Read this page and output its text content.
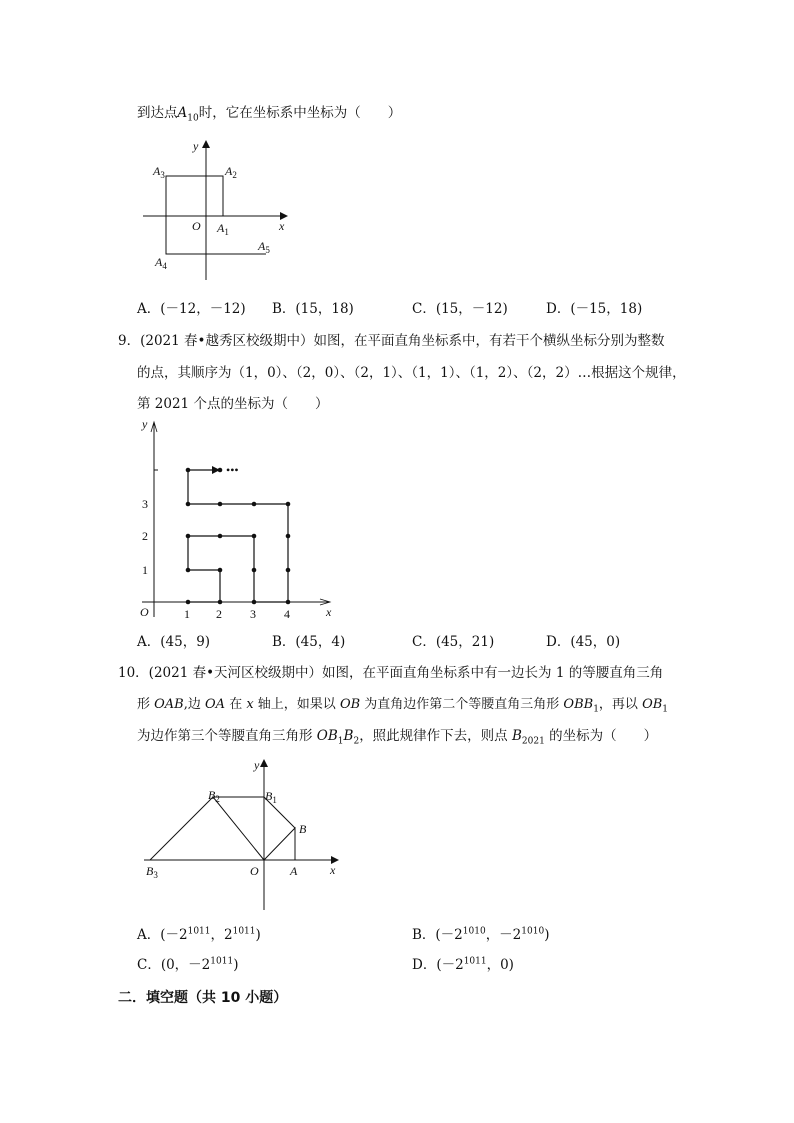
到达点$A_{10}$时，它在坐标系中坐标为（　　）
y
x
O $A_1$
$A_2$
$A_3$
$A_4$
$A_5$
A．(－12，－12) B．(15，18)	C．(15，－12)	D．(－15，18)
9．(2021 春•越秀区校级期中）如图，在平面直角坐标系中，有若干个横纵坐标分别为整数
的点，其顺序为（1，0）、（2，0）、（2，1）、（1，1）、（1，2）、（2，2）…根据这个规律，
第 2021 个点的坐标为（　　）
•••
y
x
O	1 2 3 4
1
2
3
A．(45，9)	B．(45，4)	C．(45，21)	D．(45，0)
10．(2021 春•天河区校级期中）如图，在平面直角坐标系中有一边长为 1 的等腰直角三角
形 OAB,边 OA 在 x 轴上，如果以 OB 为直角边作第二个等腰直角三角形 $OBB_1$，再以 $OB_1$
为边作第三个等腰直角三角形 $OB_1B_2$，照此规律作下去，则点 $B_{2021}$ 的坐标为（　　）
y
x
O	A
B
$B_1$
$B_2$
$B_3$
A．($-2^{1011}$，$2^{1011}$)	B．($-2^{1010}$，$-2^{1010}$)
C．(0，$-2^{1011}$)	D．($-2^{1011}$，0)
二．填空题（共 10 小题）
